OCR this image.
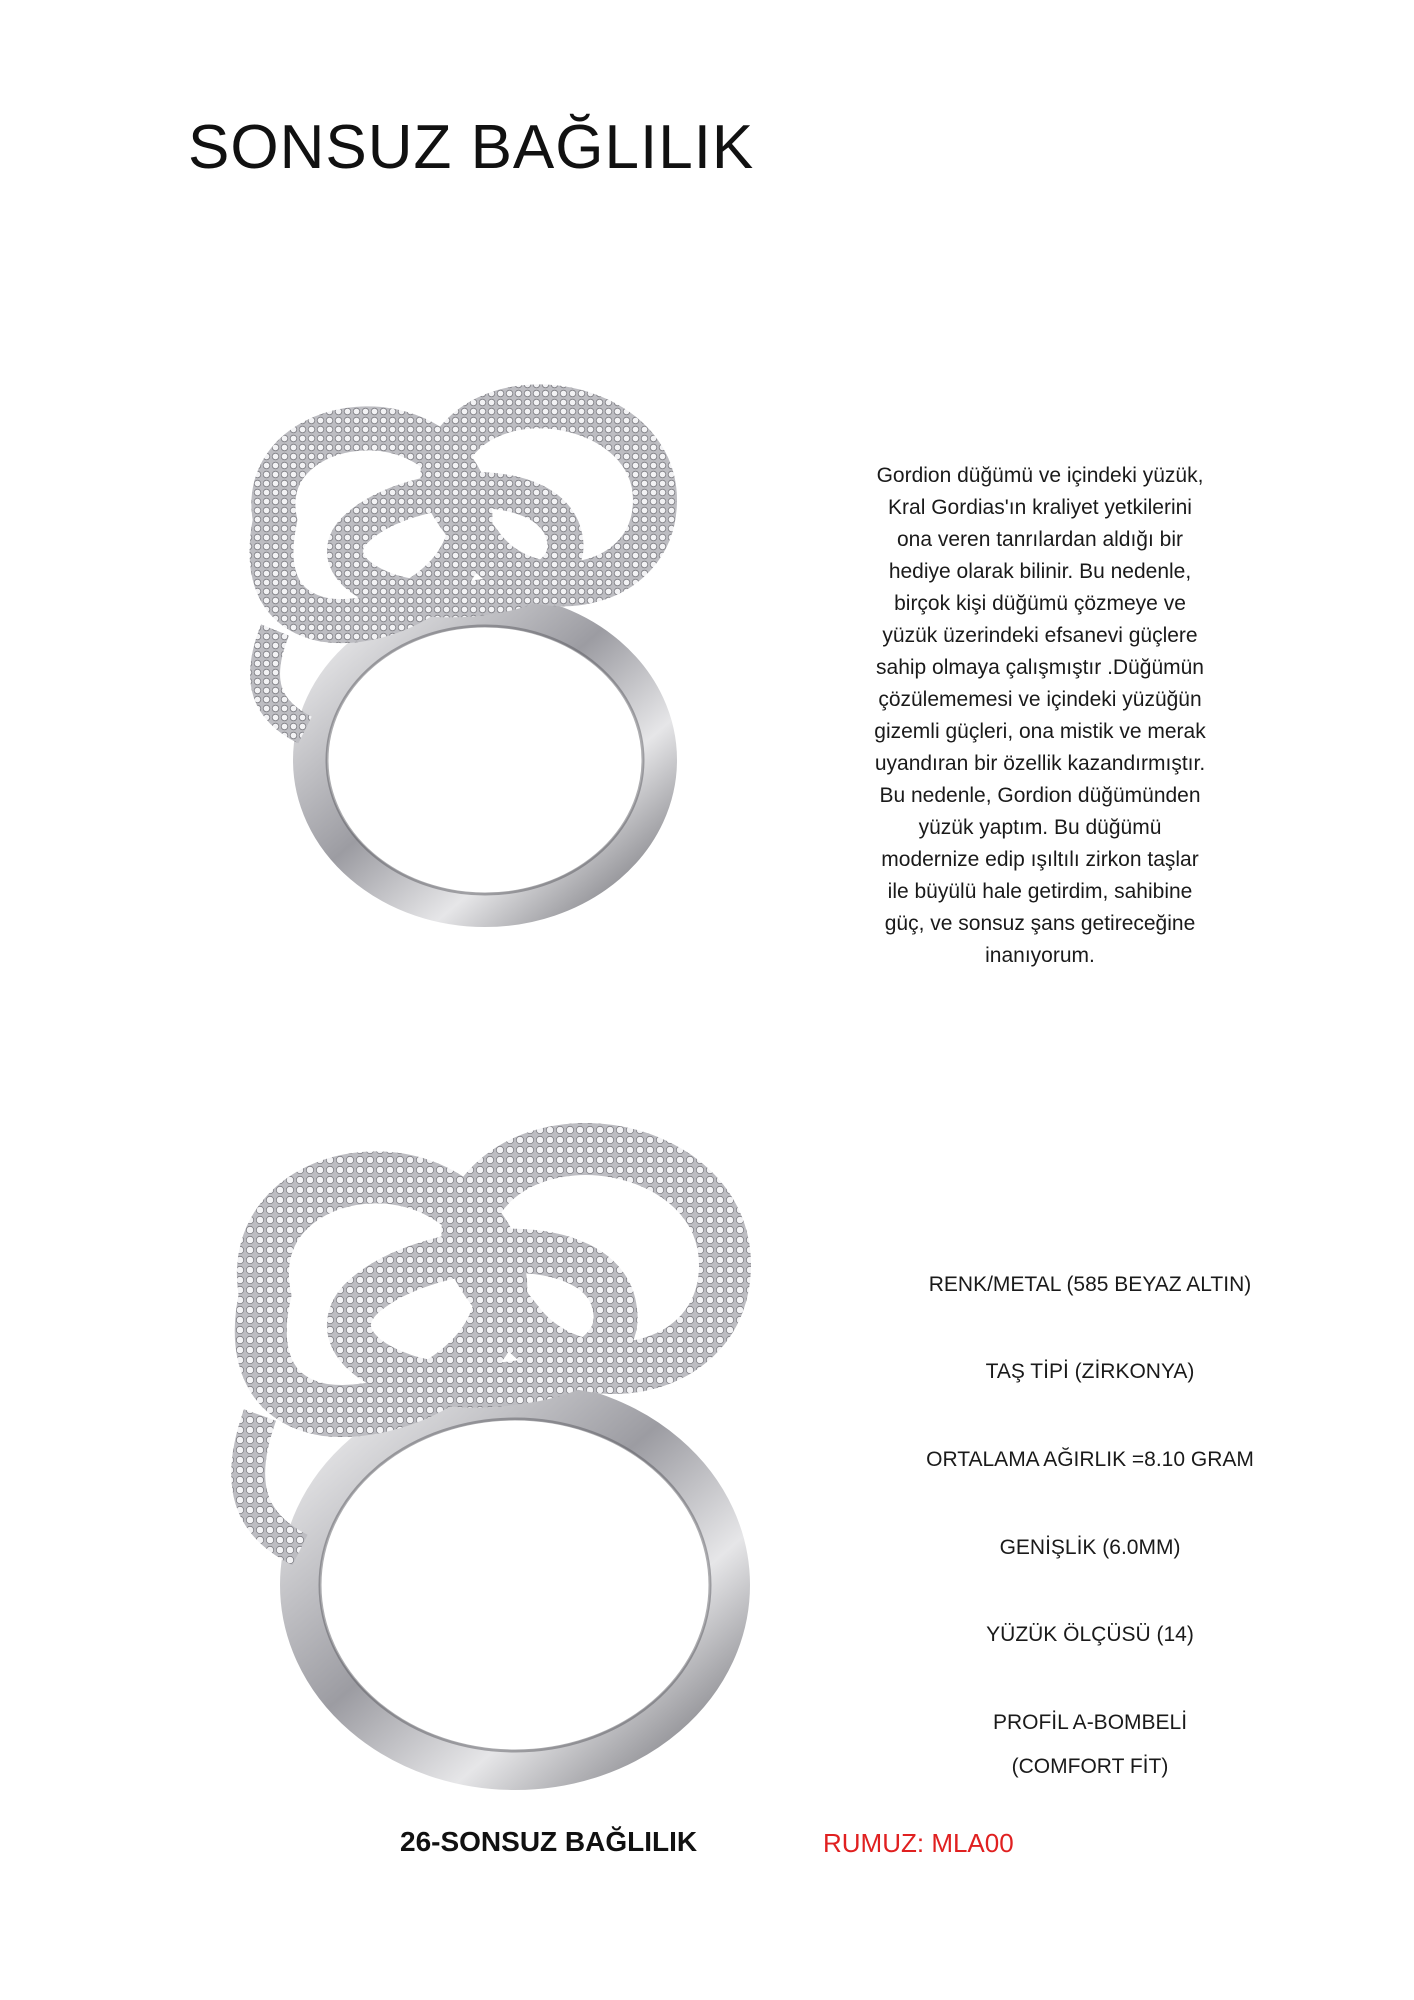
SONSUZ BAĞLILIK

Gordion düğümü ve içindeki yüzük,

Kral Gordias'ın kraliyet yetkilerini

ona veren tanrılardan aldığı bir

hediye olarak bilinir. Bu nedenle,

birçok kişi düğümü çözmeye ve

yüzük üzerindeki efsanevi güçlere

sahip olmaya çalışmıştır .Düğümün

çözülememesi ve içindeki yüzüğün

gizemli güçleri, ona mistik ve merak

uyandıran bir özellik kazandırmıştır.

Bu nedenle, Gordion düğümünden

yüzük yaptım. Bu düğümü

modernize edip ışıltılı zirkon taşlar

ile büyülü hale getirdim, sahibine

güç, ve sonsuz şans getireceğine

inanıyorum.

RENK/METAL (585 BEYAZ ALTIN)

TAŞ TİPİ (ZİRKONYA)

ORTALAMA AĞIRLIK =8.10 GRAM

GENİŞLİK (6.0MM)

YÜZÜK ÖLÇÜSÜ (14)

PROFİL A-BOMBELİ

(COMFORT FİT)

26-SONSUZ BAĞLILIK	RUMUZ: MLA00
